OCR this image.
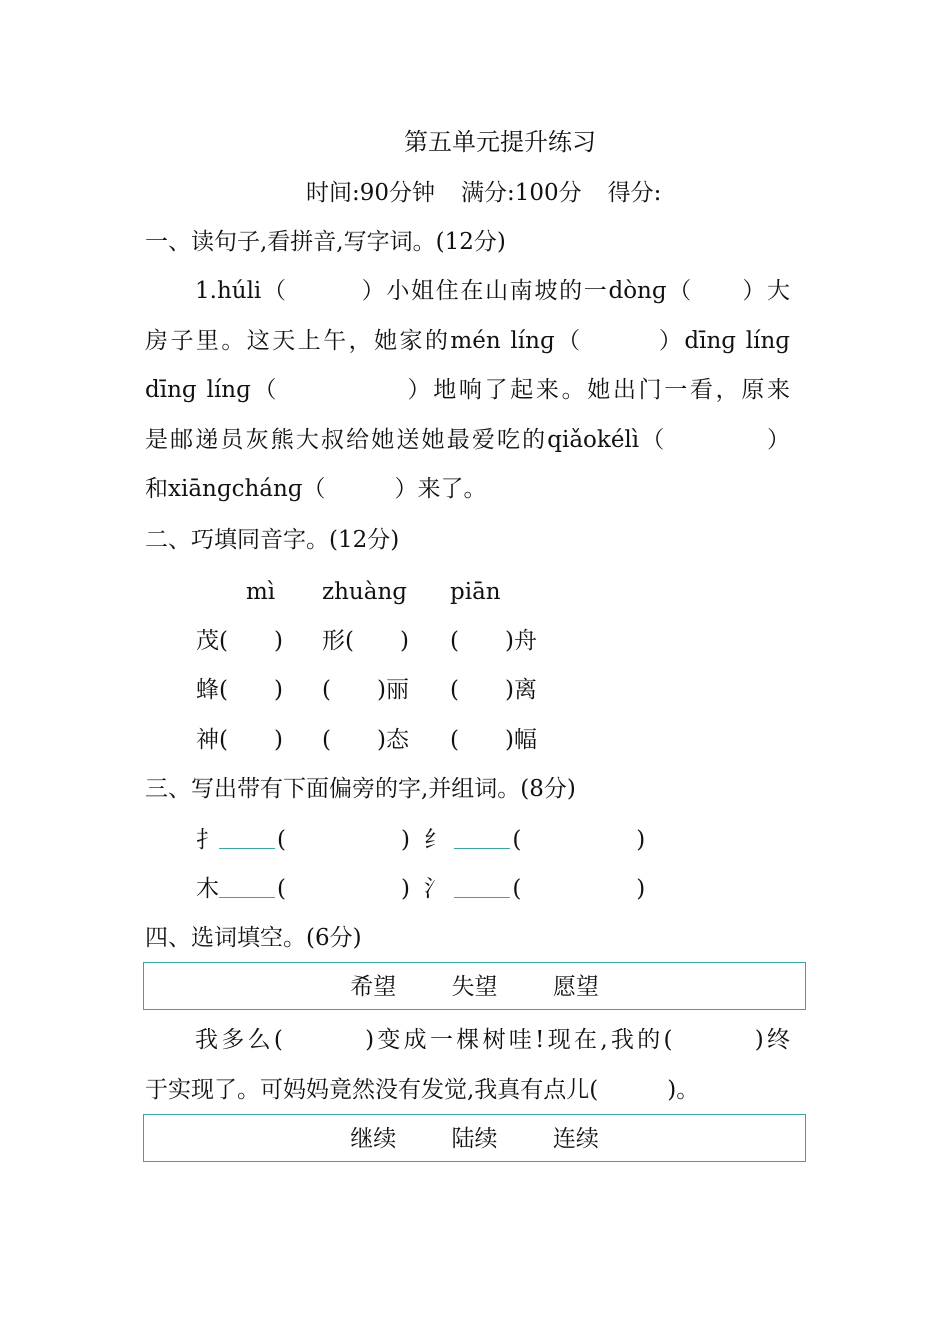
第五单元提升练习
时间:90分钟 满分:100分 得分:
一、读句子,看拼音,写字词。(12分)
1.húli（　　　）小姐住在山南坡的一dònɡ（　　）大
房子里。这天上午，她家的mén línɡ（　　　）dīnɡ línɡ
dīnɡ línɡ（　　　　　）地响了起来。她出门一看，原来
是邮递员灰熊大叔给她送她最爱吃的qiǎokélì（　　　　）
和xiānɡchánɡ（　　　）来了。
二、巧填同音字。(12分)
mì zhuànɡ piān
茂(　　) 形(　　) (　　)舟
蜂(　　) (　　)丽 (　　)离
神(　　) (　　)态 (　　)幅
三、写出带有下面偏旁的字,并组词。(8分)
扌	(　　　　　) 纟	(　　　　　)
木	(　　　　　) 氵	(　　　　　)
四、选词填空。(6分)
希望 失望 愿望
我多么(　　　)变成一棵树哇!现在,我的(　　　)终
于实现了。可妈妈竟然没有发觉,我真有点儿(　　　)。
继续 陆续 连续
